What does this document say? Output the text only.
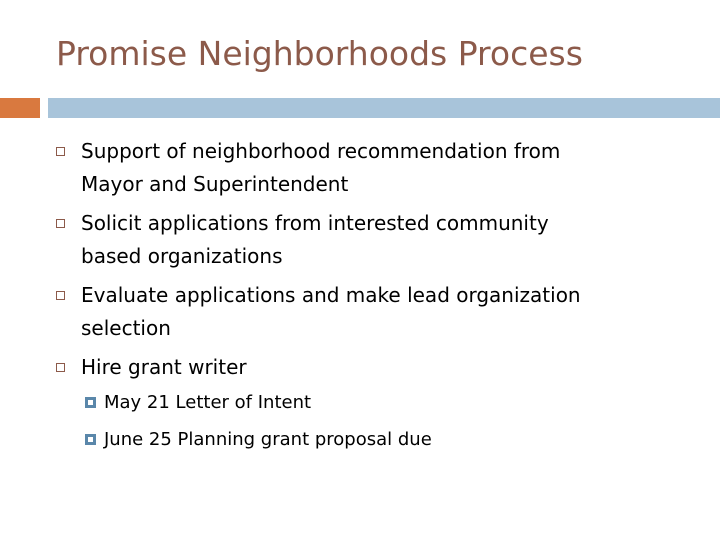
Promise Neighborhoods Process
Support of neighborhood recommendation from
Mayor and Superintendent
Solicit applications from interested community
based organizations
Evaluate applications and make lead organization
selection
Hire grant writer
May 21 Letter of Intent
June 25 Planning grant proposal due
